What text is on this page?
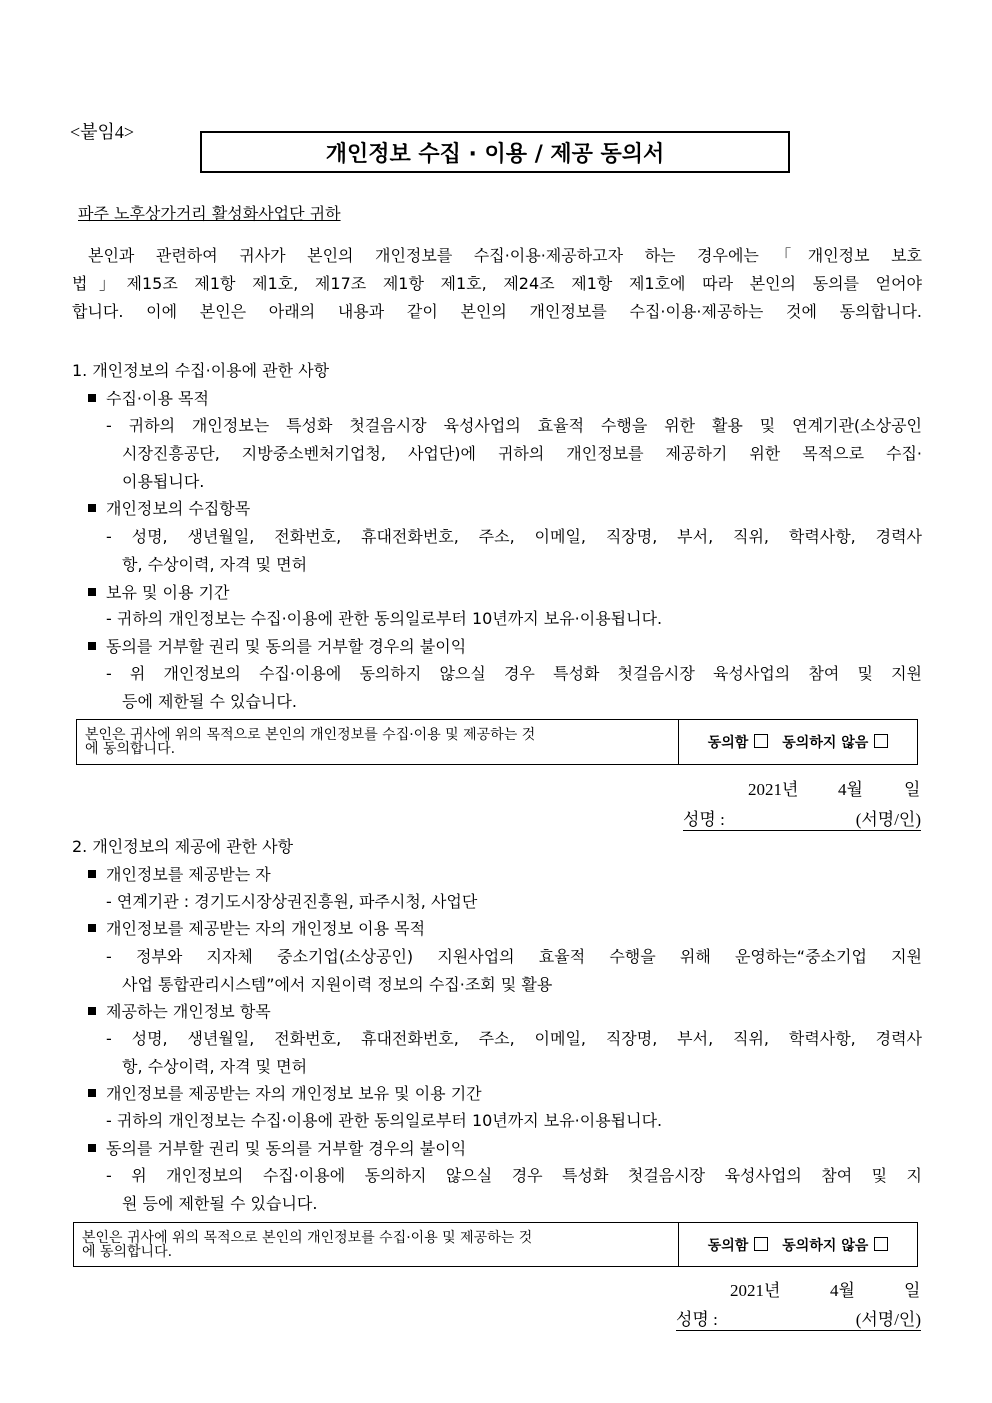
<붙임4>
개인정보 수집 · 이용 / 제공 동의서
파주 노후상가거리 활성화사업단 귀하
본인과 관련하여 귀사가 본인의 개인정보를 수집·이용·제공하고자 하는 경우에는「개인정보 보호
법」제15조 제1항 제1호, 제17조 제1항 제1호, 제24조 제1항 제1호에 따라 본인의 동의를 얻어야
합니다. 이에 본인은 아래의 내용과 같이 본인의 개인정보를 수집·이용·제공하는 것에 동의합니다.
1. 개인정보의 수집·이용에 관한 사항
수집·이용 목적
- 귀하의 개인정보는 특성화 첫걸음시장 육성사업의 효율적 수행을 위한 활용 및 연계기관(소상공인
시장진흥공단, 지방중소벤처기업청, 사업단)에 귀하의 개인정보를 제공하기 위한 목적으로 수집·
이용됩니다.
개인정보의 수집항목
- 성명, 생년월일, 전화번호, 휴대전화번호, 주소, 이메일, 직장명, 부서, 직위, 학력사항, 경력사
항, 수상이력, 자격 및 면허
보유 및 이용 기간
- 귀하의 개인정보는 수집·이용에 관한 동의일로부터 10년까지 보유·이용됩니다.
동의를 거부할 권리 및 동의를 거부할 경우의 불이익
- 위 개인정보의 수집·이용에 동의하지 않으실 경우 특성화 첫걸음시장 육성사업의 참여 및 지원
등에 제한될 수 있습니다.
본인은 귀사에 위의 목적으로 본인의 개인정보를 수집·이용 및 제공하는 것
에 동의합니다.	동의함 동의하지 않음
2021년 4월 일
성명 :	(서명/인)
2. 개인정보의 제공에 관한 사항
개인정보를 제공받는 자
- 연계기관 : 경기도시장상권진흥원, 파주시청, 사업단
개인정보를 제공받는 자의 개인정보 이용 목적
- 정부와 지자체 중소기업(소상공인) 지원사업의 효율적 수행을 위해 운영하는“중소기업 지원
사업 통합관리시스템”에서 지원이력 정보의 수집·조회 및 활용
제공하는 개인정보 항목
- 성명, 생년월일, 전화번호, 휴대전화번호, 주소, 이메일, 직장명, 부서, 직위, 학력사항, 경력사
항, 수상이력, 자격 및 면허
개인정보를 제공받는 자의 개인정보 보유 및 이용 기간
- 귀하의 개인정보는 수집·이용에 관한 동의일로부터 10년까지 보유·이용됩니다.
동의를 거부할 권리 및 동의를 거부할 경우의 불이익
- 위 개인정보의 수집·이용에 동의하지 않으실 경우 특성화 첫걸음시장 육성사업의 참여 및 지
원 등에 제한될 수 있습니다.
본인은 귀사에 위의 목적으로 본인의 개인정보를 수집·이용 및 제공하는 것
에 동의합니다.	동의함 동의하지 않음
2021년	4월	일
성명 :	(서명/인)
